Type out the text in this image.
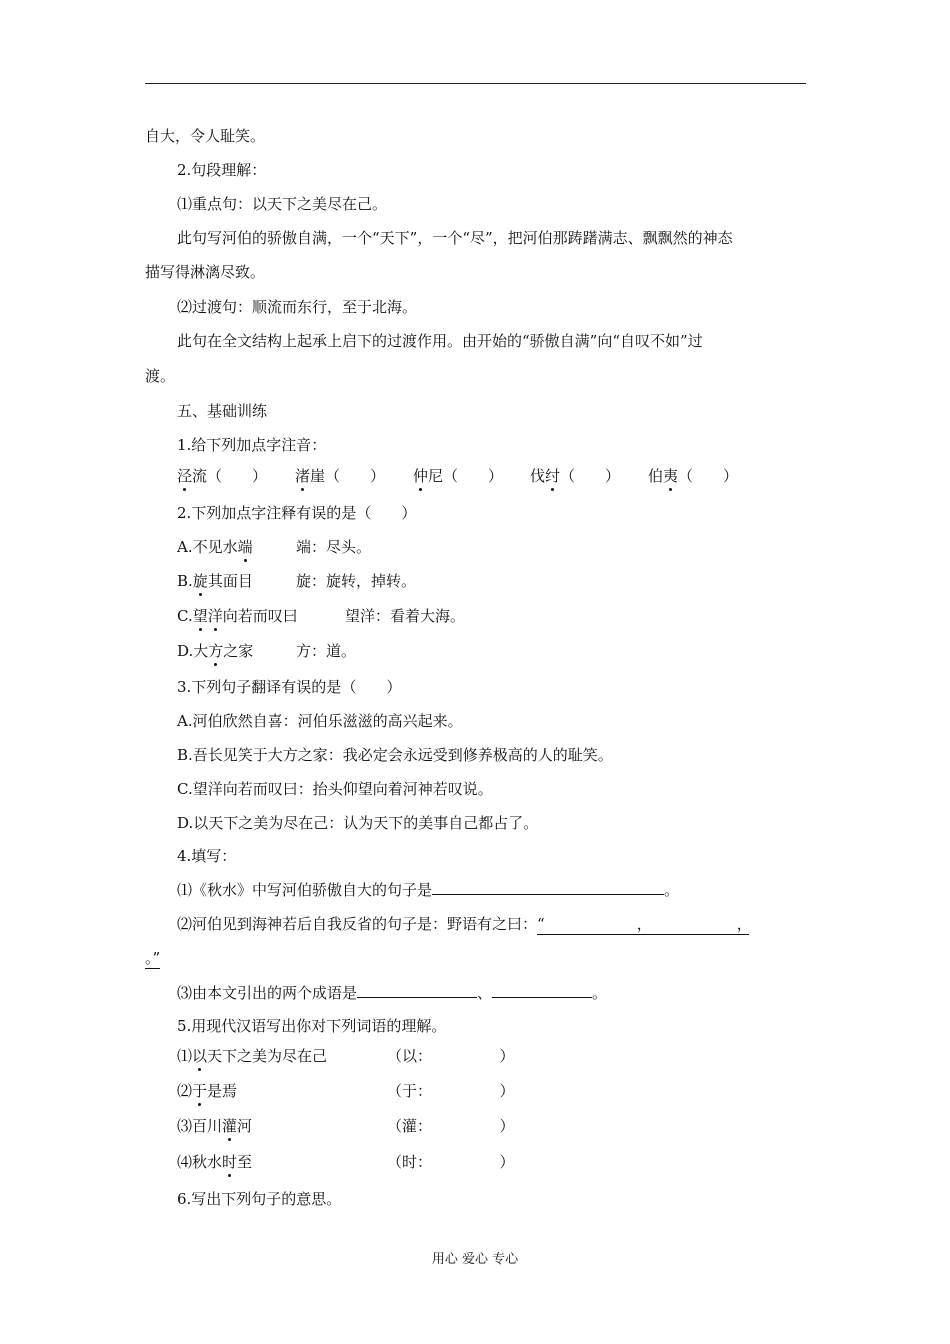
自大，令人耻笑。
2.句段理解：
⑴重点句：以天下之美尽在己。
此句写河伯的骄傲自满，一个“天下”，一个“尽”，把河伯那踌躇满志、飘飘然的神态
描写得淋漓尽致。
⑵过渡句：顺流而东行，至于北海。
此句在全文结构上起承上启下的过渡作用。由开始的“骄傲自满”向“自叹不如”过
渡。
五、基础训练
1.给下列加点字注音：
泾流（　　） 渚崖（　　） 仲尼（　　） 伐纣（　　） 伯夷（　　）
2.下列加点字注释有误的是（　　）
A.不见水端	端：尽头。
B.旋其面目	旋：旋转，掉转。
C.望洋向若而叹曰	望洋：看着大海。
D.大方之家	方：道。
3.下列句子翻译有误的是（　　）
A.河伯欣然自喜：河伯乐滋滋的高兴起来。
B.吾长见笑于大方之家：我必定会永远受到修养极高的人的耻笑。
C.望洋向若而叹曰：抬头仰望向着河神若叹说。
D.以天下之美为尽在己：认为天下的美事自己都占了。
4.填写：
⑴《秋水》中写河伯骄傲自大的句子是	。
⑵河伯见到海神若后自我反省的句子是：野语有之曰：“	，	，
。”
⑶由本文引出的两个成语是	、	。
5.用现代汉语写出你对下列词语的理解。
⑴以天下之美为尽在己	（以：　　　　　）
⑵于是焉	（于：　　　　　）
⑶百川灌河	（灌：　　　　　）
⑷秋水时至	（时：　　　　　）
6.写出下列句子的意思。
用心 爱心 专心
